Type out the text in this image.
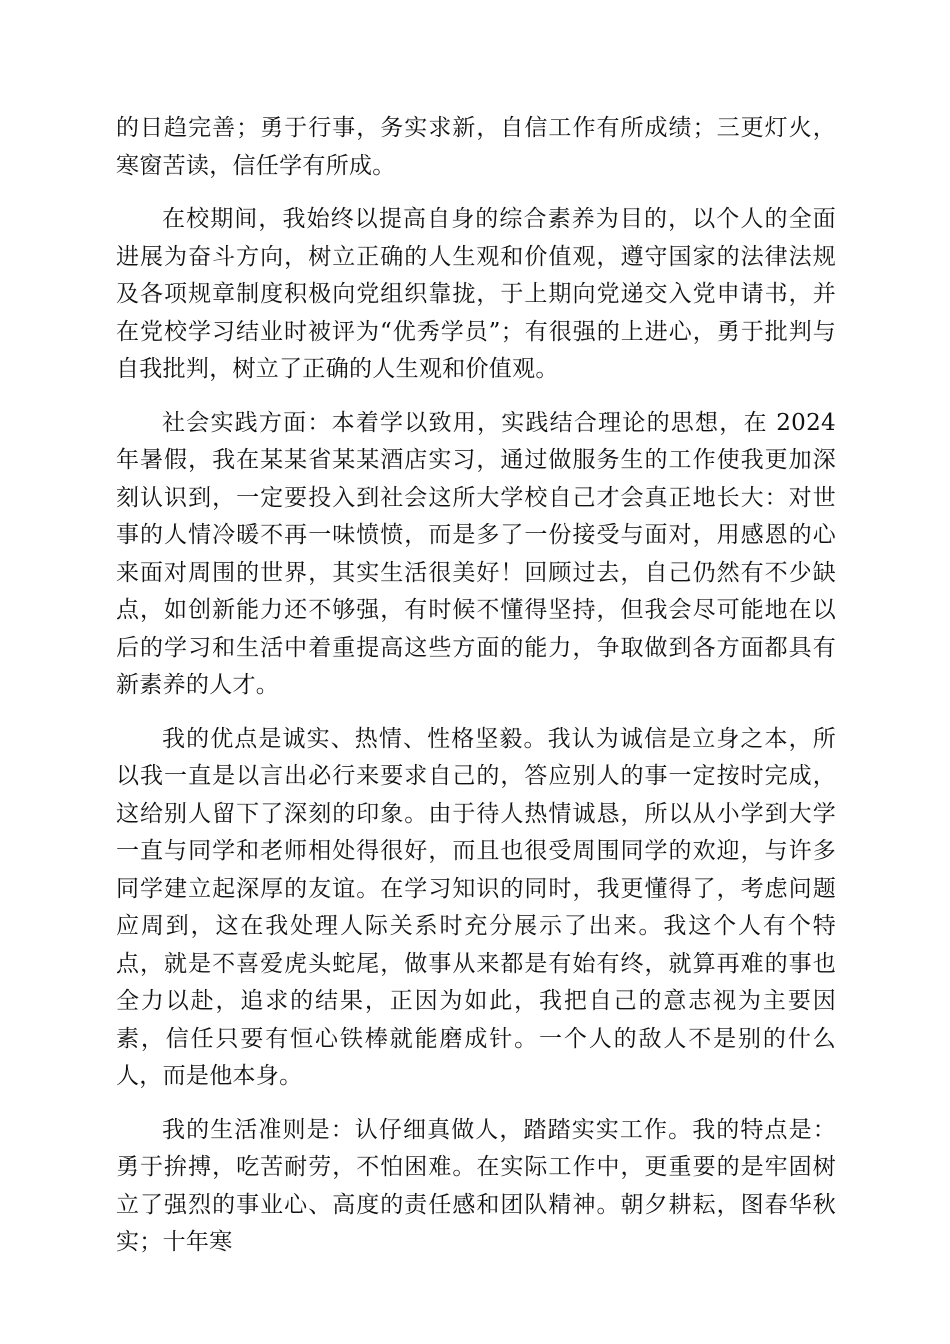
的日趋完善；勇于行事，务实求新，自信工作有所成绩；三更灯火，寒窗苦读，信任学有所成。

在校期间，我始终以提高自身的综合素养为目的，以个人的全面进展为奋斗方向，树立正确的人生观和价值观，遵守国家的法律法规及各项规章制度积极向党组织靠拢，于上期向党递交入党申请书，并在党校学习结业时被评为“优秀学员”；有很强的上进心，勇于批判与自我批判，树立了正确的人生观和价值观。

社会实践方面：本着学以致用，实践结合理论的思想，在 2024 年暑假，我在某某省某某酒店实习，通过做服务生的工作使我更加深刻认识到，一定要投入到社会这所大学校自己才会真正地长大：对世事的人情冷暖不再一味愤愤，而是多了一份接受与面对，用感恩的心来面对周围的世界，其实生活很美好！回顾过去，自己仍然有不少缺点，如创新能力还不够强，有时候不懂得坚持，但我会尽可能地在以后的学习和生活中着重提高这些方面的能力，争取做到各方面都具有新素养的人才。

我的优点是诚实、热情、性格坚毅。我认为诚信是立身之本，所以我一直是以言出必行来要求自己的，答应别人的事一定按时完成，这给别人留下了深刻的印象。由于待人热情诚恳，所以从小学到大学一直与同学和老师相处得很好，而且也很受周围同学的欢迎，与许多同学建立起深厚的友谊。在学习知识的同时，我更懂得了，考虑问题应周到，这在我处理人际关系时充分展示了出来。我这个人有个特点，就是不喜爱虎头蛇尾，做事从来都是有始有终，就算再难的事也全力以赴，追求的结果，正因为如此，我把自己的意志视为主要因素，信任只要有恒心铁棒就能磨成针。一个人的敌人不是别的什么人，而是他本身。

我的生活准则是：认仔细真做人，踏踏实实工作。我的特点是：勇于拚搏，吃苦耐劳，不怕困难。在实际工作中，更重要的是牢固树立了强烈的事业心、高度的责任感和团队精神。朝夕耕耘，图春华秋实；十年寒
